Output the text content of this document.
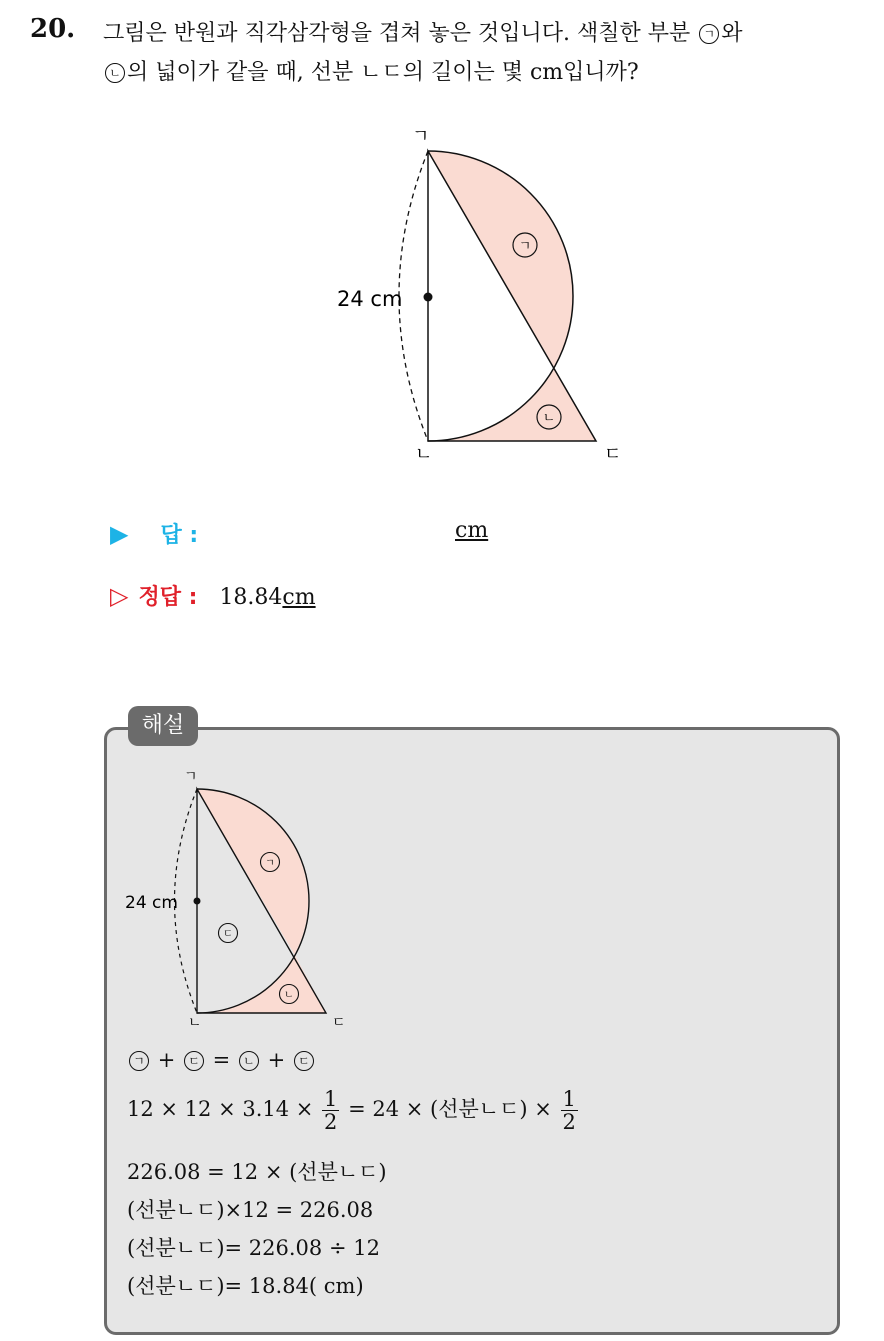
20. 그림은 반원과 직각삼각형을 겹쳐 놓은 것입니다. 색칠한 부분 ㄱ 와
ㄴ 의 넓이가 같을 때, 선분 ㄴㄷ의 길이는 몇 cm입니까?
ㄱ
ㄴ	ㄷ
24 cm
ㄱ
ㄴ
▶ 답 :	cm
▷ 정답 : 18.84cm
해설
ㄱ
ㄴ	ㄷ
24 cm
ㄱ
ㄴ
ㄷ
ㄱ + ㄷ = ㄴ + ㄷ
$12 \times 12 \times 3.14 \times \frac{1}{2} = 24$ × (선분ㄴㄷ) × $\frac{1}{2}$
226.08 = 12 × (선분ㄴㄷ)
(선분ㄴㄷ)×12 = 226.08
(선분ㄴㄷ)= 226.08 ÷ 12
(선분ㄴㄷ)= 18.84( cm)
